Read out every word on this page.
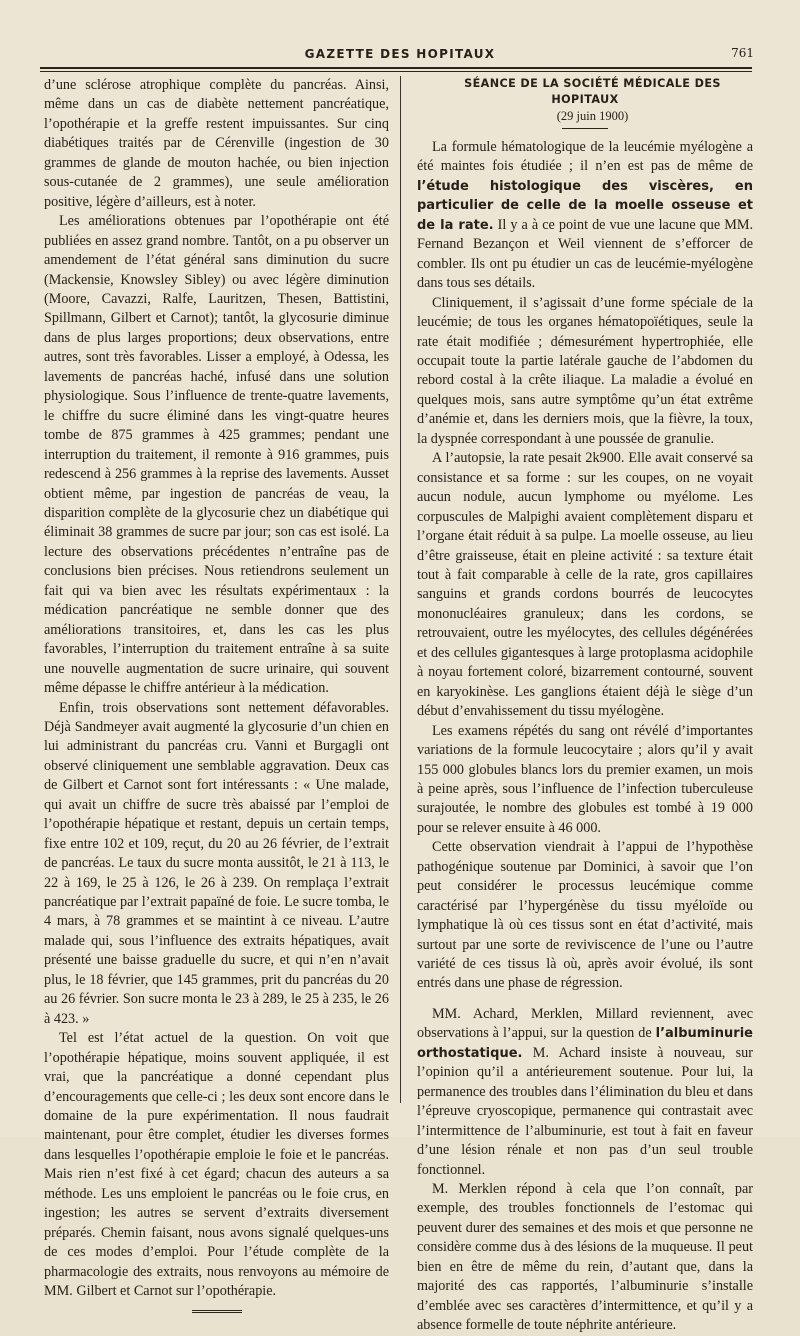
GAZETTE DES HOPITAUX	761

d’une sclérose atrophique complète du pancréas. Ainsi, même dans un cas de diabète nettement pancréatique, l’opothérapie et la greffe restent impuissantes. Sur cinq diabétiques traités par de Cérenville (ingestion de 30 grammes de glande de mouton hachée, ou bien injection sous-cutanée de 2 grammes), une seule amélioration positive, légère d’ailleurs, est à noter.

Les améliorations obtenues par l’opothérapie ont été publiées en assez grand nombre. Tantôt, on a pu observer un amendement de l’état général sans diminution du sucre (Mackensie, Knowsley Sibley) ou avec légère diminution (Moore, Cavazzi, Ralfe, Lauritzen, Thesen, Battistini, Spillmann, Gilbert et Carnot); tantôt, la glycosurie diminue dans de plus larges proportions; deux observations, entre autres, sont très favorables. Lisser a employé, à Odessa, les lavements de pancréas haché, infusé dans une solution physiologique. Sous l’influence de trente-quatre lavements, le chiffre du sucre éliminé dans les vingt-quatre heures tombe de 875 grammes à 425 grammes; pendant une interruption du traitement, il remonte à 916 grammes, puis redescend à 256 grammes à la reprise des lavements. Ausset obtient même, par ingestion de pancréas de veau, la disparition complète de la glycosurie chez un diabétique qui éliminait 38 grammes de sucre par jour; son cas est isolé. La lecture des observations précédentes n’entraîne pas de conclusions bien précises. Nous retiendrons seulement un fait qui va bien avec les résultats expérimentaux : la médication pancréatique ne semble donner que des améliorations transitoires, et, dans les cas les plus favorables, l’interruption du traitement entraîne à sa suite une nouvelle augmentation de sucre urinaire, qui souvent même dépasse le chiffre antérieur à la médication.

Enfin, trois observations sont nettement défavorables. Déjà Sandmeyer avait augmenté la glycosurie d’un chien en lui administrant du pancréas cru. Vanni et Burgagli ont observé cliniquement une semblable aggravation. Deux cas de Gilbert et Carnot sont fort intéressants : « Une malade, qui avait un chiffre de sucre très abaissé par l’emploi de l’opothérapie hépatique et restant, depuis un certain temps, fixe entre 102 et 109, reçut, du 20 au 26 février, de l’extrait de pancréas. Le taux du sucre monta aussitôt, le 21 à 113, le 22 à 169, le 25 à 126, le 26 à 239. On remplaça l’extrait pancréatique par l’extrait papaïné de foie. Le sucre tomba, le 4 mars, à 78 grammes et se maintint à ce niveau. L’autre malade qui, sous l’influence des extraits hépatiques, avait présenté une baisse graduelle du sucre, et qui n’en n’avait plus, le 18 février, que 145 grammes, prit du pancréas du 20 au 26 février. Son sucre monta le 23 à 289, le 25 à 235, le 26 à 423. »

Tel est l’état actuel de la question. On voit que l’opothérapie hépatique, moins souvent appliquée, il est vrai, que la pancréatique a donné cependant plus d’encouragements que celle-ci ; les deux sont encore dans le domaine de la pure expérimentation. Il nous faudrait maintenant, pour être complet, étudier les diverses formes dans lesquelles l’opothérapie emploie le foie et le pancréas. Mais rien n’est fixé à cet égard; chacun des auteurs a sa méthode. Les uns emploient le pancréas ou le foie crus, en ingestion; les autres se servent d’extraits diversement préparés. Chemin faisant, nous avons signalé quelques-uns de ces modes d’emploi. Pour l’étude complète de la pharmacologie des extraits, nous renvoyons au mémoire de MM. Gilbert et Carnot sur l’opothérapie.

SÉANCE DE LA SOCIÉTÉ MÉDICALE DES HOPITAUX

(29 juin 1900)

La formule hématologique de la leucémie myélogène a été maintes fois étudiée ; il n’en est pas de même de l’étude histologique des viscères, en particulier de celle de la moelle osseuse et de la rate. Il y a à ce point de vue une lacune que MM. Fernand Bezançon et Weil viennent de s’efforcer de combler. Ils ont pu étudier un cas de leucémie-myélogène dans tous ses détails.

Cliniquement, il s’agissait d’une forme spéciale de la leucémie; de tous les organes hématopoïétiques, seule la rate était modifiée ; démesurément hypertrophiée, elle occupait toute la partie latérale gauche de l’abdomen du rebord costal à la crête iliaque. La maladie a évolué en quelques mois, sans autre symptôme qu’un état extrême d’anémie et, dans les derniers mois, que la fièvre, la toux, la dyspnée correspondant à une poussée de granulie.

A l’autopsie, la rate pesait 2k900. Elle avait conservé sa consistance et sa forme : sur les coupes, on ne voyait aucun nodule, aucun lymphome ou myélome. Les corpuscules de Malpighi avaient complètement disparu et l’organe était réduit à sa pulpe. La moelle osseuse, au lieu d’être graisseuse, était en pleine activité : sa texture était tout à fait comparable à celle de la rate, gros capillaires sanguins et grands cordons bourrés de leucocytes mononucléaires granuleux; dans les cordons, se retrouvaient, outre les myélocytes, des cellules dégénérées et des cellules gigantesques à large protoplasma acidophile à noyau fortement coloré, bizarrement contourné, souvent en karyokinèse. Les ganglions étaient déjà le siège d’un début d’envahissement du tissu myélogène.

Les examens répétés du sang ont révélé d’importantes variations de la formule leucocytaire ; alors qu’il y avait 155 000 globules blancs lors du premier examen, un mois à peine après, sous l’influence de l’infection tuberculeuse surajoutée, le nombre des globules est tombé à 19 000 pour se relever ensuite à 46 000.

Cette observation viendrait à l’appui de l’hypothèse pathogénique soutenue par Dominici, à savoir que l’on peut considérer le processus leucémique comme caractérisé par l’hypergénèse du tissu myéloïde ou lymphatique là où ces tissus sont en état d’activité, mais surtout par une sorte de reviviscence de l’une ou l’autre variété de ces tissus là où, après avoir évolué, ils sont entrés dans une phase de régression.

MM. Achard, Merklen, Millard reviennent, avec observations à l’appui, sur la question de l’albuminurie orthostatique. M. Achard insiste à nouveau, sur l’opinion qu’il a antérieurement soutenue. Pour lui, la permanence des troubles dans l’élimination du bleu et dans l’épreuve cryoscopique, permanence qui contrastait avec l’intermittence de l’albuminurie, est tout à fait en faveur d’une lésion rénale et non pas d’un seul trouble fonctionnel.

M. Merklen répond à cela que l’on connaît, par exemple, des troubles fonctionnels de l’estomac qui peuvent durer des semaines et des mois et que personne ne considère comme dus à des lésions de la muqueuse. Il peut bien en être de même du rein, d’autant que, dans la majorité des cas rapportés, l’albuminurie s’installe d’emblée avec ses caractères d’intermittence, et qu’il y a absence formelle de toute néphrite antérieure.
